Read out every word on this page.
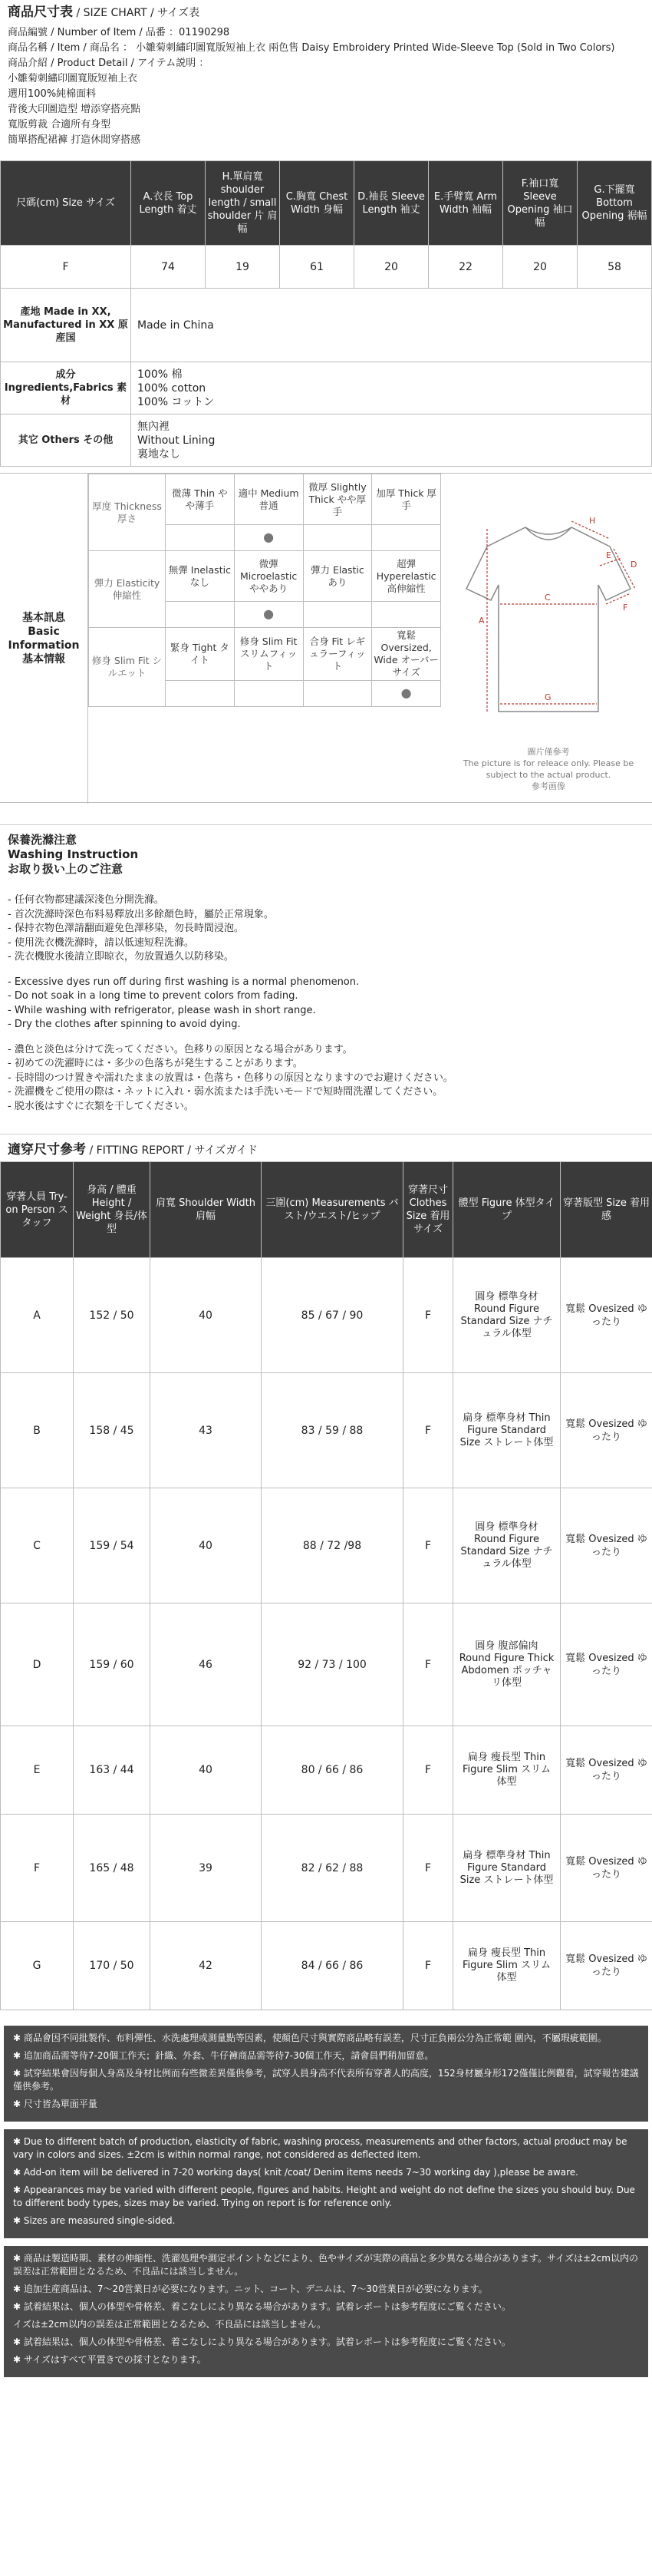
商品尺寸表 / SIZE CHART / サイズ表
商品編號 / Number of Item / 品番 ：01190298
商品名稱 / Item / 商品名 ： 小雛菊刺繡印圖寬版短袖上衣 兩色售 Daisy Embroidery Printed Wide-Sleeve Top (Sold in Two Colors)
商品介紹 / Product Detail / アイテム説明 ：
小雛菊刺繡印圖寬版短袖上衣
選用100%純棉面料
背後大印圖造型 增添穿搭亮點
寬版剪裁 合適所有身型
簡單搭配裙褲 打造休閒穿搭感
尺碼(cm) Size サイズ	A.衣長 Top Length 着丈	H.單肩寬 shoulder length / small shoulder 片 肩幅	C.胸寬 Chest Width 身幅	D.袖長 Sleeve Length 袖丈	E.手臂寬 Arm Width 袖幅	F.袖口寬 Sleeve Opening 袖口幅	G.下擺寬 Bottom Opening 裾幅
F	74	19	61	20	22	20	58
產地 Made in XX, Manufactured in XX 原産国	Made in China						
成分 Ingredients,Fabrics 素材	100% 棉
100% cotton
100% コットン						
其它 Others その他	無內裡
Without Lining
裏地なし						
基本訊息
Basic Information
基本情報
厚度 Thickness 厚さ	微薄 Thin やや薄手	適中 Medium 普通	微厚 Slightly Thick やや厚手	加厚 Thick 厚手
		●		
彈力 Elasticity 伸縮性	無彈 Inelastic なし	微彈 Microelastic ややあり	彈力 Elastic あり	超彈 Hyperelastic 高伸縮性
		●		
修身 Slim Fit シルエット	緊身 Tight タイト	修身 Slim Fit スリムフィット	合身 Fit レギュラーフィット	寬鬆 Oversized, Wide オーバーサイズ
				●
A
C
D
E
F
G
H
圖片僅參考
The picture is for releace only. Please be subject to the actual product.
參考画像
保養洗滌注意
Washing Instruction
お取り扱い上のご注意
- 任何衣物都建議深淺色分開洗滌。
- 首次洗滌時深色布料易釋放出多餘顏色時，屬於正常現象。
- 保持衣物色澤請翻面避免色澤移染，勿長時間浸泡。
- 使用洗衣機洗滌時，請以低速短程洗滌。
- 洗衣機脫水後請立即晾衣，勿放置過久以防移染。
- Excessive dyes run off during first washing is a normal phenomenon.
- Do not soak in a long time to prevent colors from fading.
- While washing with refrigerator, please wash in short range.
- Dry the clothes after spinning to avoid dying.
- 濃色と淡色は分けて洗ってください。色移りの原因となる場合があります。
- 初めての洗濯時には・多少の色落ちが発生することがあります。
- 長時間のつけ置きや濡れたままの放置は・色落ち・色移りの原因となりますのでお避けください。
- 洗濯機をご使用の際は・ネットに入れ・弱水流または手洗いモードで短時間洗濯してください。
- 脱水後はすぐに衣類を干してください。
適穿尺寸參考 / FITTING REPORT / サイズガイド
穿著人員 Try-on Person スタッフ	身高 / 體重 Height / Weight 身長/体型	肩寬 Shoulder Width 肩幅	三圍(cm) Measurements バスト/ウエスト/ヒップ	穿著尺寸 Clothes Size 着用サイズ	體型 Figure 体型タイプ	穿著版型 Size 着用感
A	152 / 50	40	85 / 67 / 90	F	圓身 標準身材 Round Figure Standard Size ナチュラル体型	寬鬆 Ovesized ゆったり
B	158 / 45	43	83 / 59 / 88	F	扁身 標準身材 Thin Figure Standard Size ストレート体型	寬鬆 Ovesized ゆったり
C	159 / 54	40	88 / 72 /98	F	圓身 標準身材 Round Figure Standard Size ナチュラル体型	寬鬆 Ovesized ゆったり
D	159 / 60	46	92 / 73 / 100	F	圓身 腹部偏肉 Round Figure Thick Abdomen ポッチャリ体型	寬鬆 Ovesized ゆったり
E	163 / 44	40	80 / 66 / 86	F	扁身 瘦長型 Thin Figure Slim スリム体型	寬鬆 Ovesized ゆったり
F	165 / 48	39	82 / 62 / 88	F	扁身 標準身材 Thin Figure Standard Size ストレート体型	寬鬆 Ovesized ゆったり
G	170 / 50	42	84 / 66 / 86	F	扁身 瘦長型 Thin Figure Slim スリム体型	寬鬆 Ovesized ゆったり
✱ 商品會因不同批製作、布料彈性、水洗處理或測量點等因素，使顏色尺寸與實際商品略有誤差，尺寸正負兩公分為正常範 圍內，不屬瑕疵範圍。
✱ 追加商品需等待7-20個工作天；針織、外套、牛仔褲商品需等待7-30個工作天，請會員們稍加留意。
✱ 試穿結果會因每個人身高及身材比例而有些微差異僅供參考，試穿人員身高不代表所有穿著人的高度，152身材屬身形172僅僅比例觀看，試穿報告建議僅供參考。
✱ 尺寸皆為單面平量
✱ Due to different batch of production, elasticity of fabric, washing process, measurements and other factors, actual product may be vary in colors and sizes. ±2cm is within normal range, not considered as deflected item.
✱ Add-on item will be delivered in 7-20 working days( knit /coat/ Denim items needs 7~30 working day ),please be aware.
✱ Appearances may be varied with different people, figures and habits. Height and weight do not define the sizes you should buy. Due to different body types, sizes may be varied. Trying on report is for reference only.
✱ Sizes are measured single-sided.
✱ 商品は製造時期、素材の伸縮性、洗濯処理や測定ポイントなどにより、色やサイズが実際の商品と多少異なる場合があります。サイズは±2cm以内の誤差は正常範囲となるため、不良品には該当しません。
✱ 追加生産商品は、7～20営業日が必要になります。ニット、コート、デニムは、7～30営業日が必要になります。
✱ 試着結果は、個人の体型や骨格差、着こなしにより異なる場合があります。試着レポートは参考程度にご覧ください。
イズは±2cm以内の誤差は正常範囲となるため、不良品には該当しません。
✱ 試着結果は、個人の体型や骨格差、着こなしにより異なる場合があります。試着レポートは参考程度にご覧ください。
✱ サイズはすべて平置きでの採寸となります。
